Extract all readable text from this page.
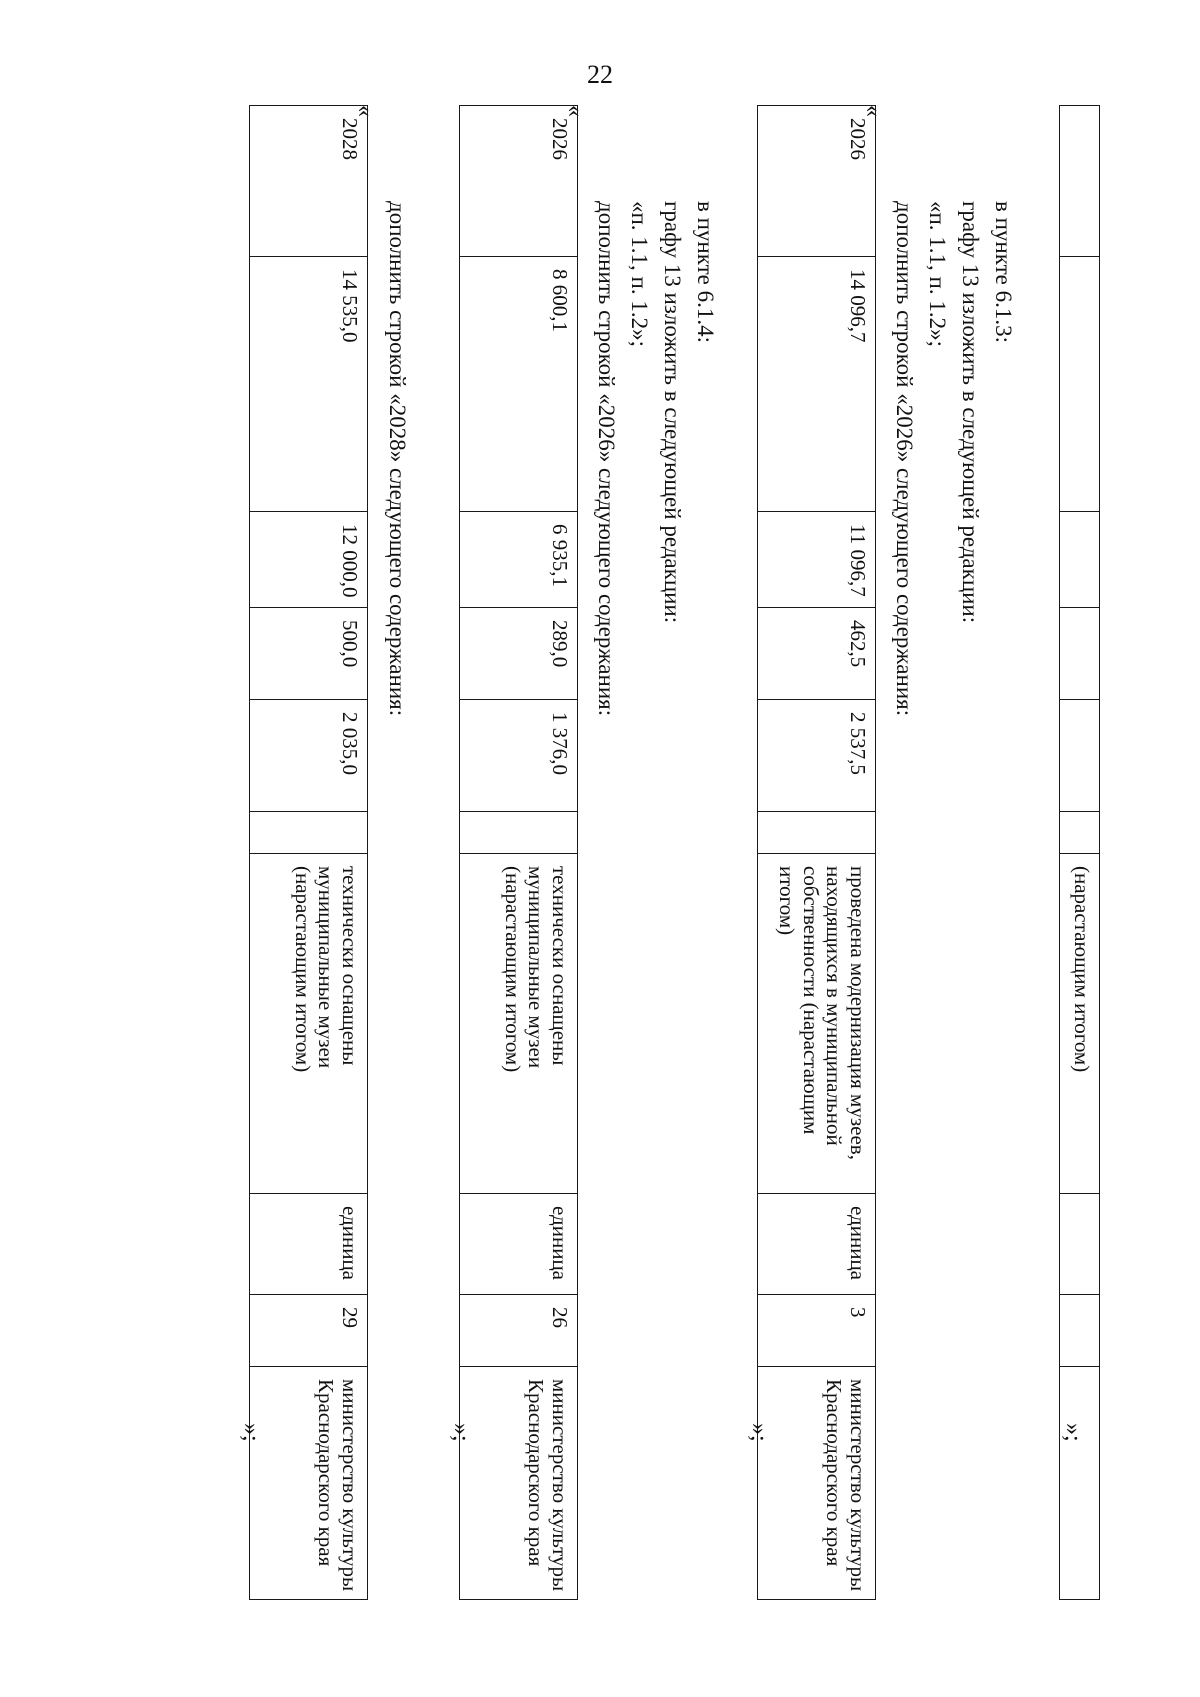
22
						(нарастающим итогом)			
»;
в пункте 6.1.3:
графу 13 изложить в следующей редакции:
«п. 1.1, п. 1.2»;
дополнить строкой «2026» следующего содержания:
«
2026	14 096,7	11 096,7	462,5	2 537,5		проведена модернизация музеев, находящихся в муниципальной собственности (нарастающим итогом)	единица	3	министерство культуры Краснодарского края
»;
в пункте 6.1.4:
графу 13 изложить в следующей редакции:
«п. 1.1, п. 1.2»;
дополнить строкой «2026» следующего содержания:
«
2026	8 600,1	6 935,1	289,0	1 376,0		технически оснащены муниципальные музеи (нарастающим итогом)	единица	26	министерство культуры Краснодарского края
»;
дополнить строкой «2028» следующего содержания:
«
2028	14 535,0	12 000,0	500,0	2 035,0		технически оснащены муниципальные музеи (нарастающим итогом)	единица	29	министерство культуры Краснодарского края
»;
